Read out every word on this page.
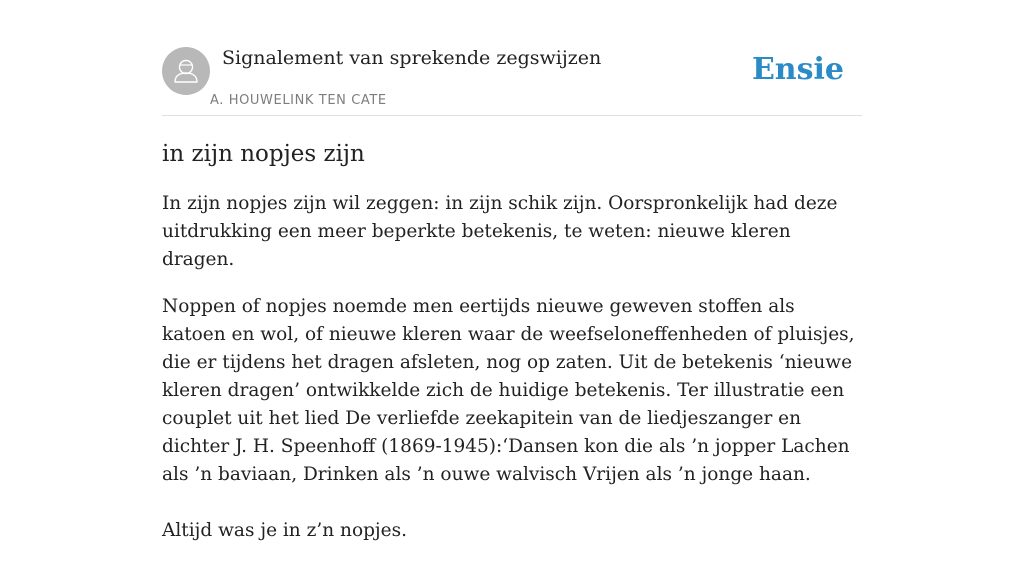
Signalement van sprekende zegswijzen
A. HOUWELINK TEN CATE
Ensie
in zijn nopjes zijn

In zijn nopjes zijn wil zeggen: in zijn schik zijn. Oorspronkelijk had deze uitdrukking een meer beperkte betekenis, te weten: nieuwe kleren dragen.

Noppen of nopjes noemde men eertijds nieuwe geweven stoffen als katoen en wol, of nieuwe kleren waar de weefseloneffenheden of pluisjes, die er tijdens het dragen afsleten, nog op zaten. Uit de betekenis ‘nieuwe kleren dragen’ ontwikkelde zich de huidige betekenis. Ter illustratie een couplet uit het lied De verliefde zeekapitein van de liedjeszanger en dichter J. H. Speenhoff (1869-1945):‘Dansen kon die als ’n jopper Lachen als ’n baviaan, Drinken als ’n ouwe walvisch Vrijen als ’n jonge haan.

Altijd was je in z’n nopjes.
